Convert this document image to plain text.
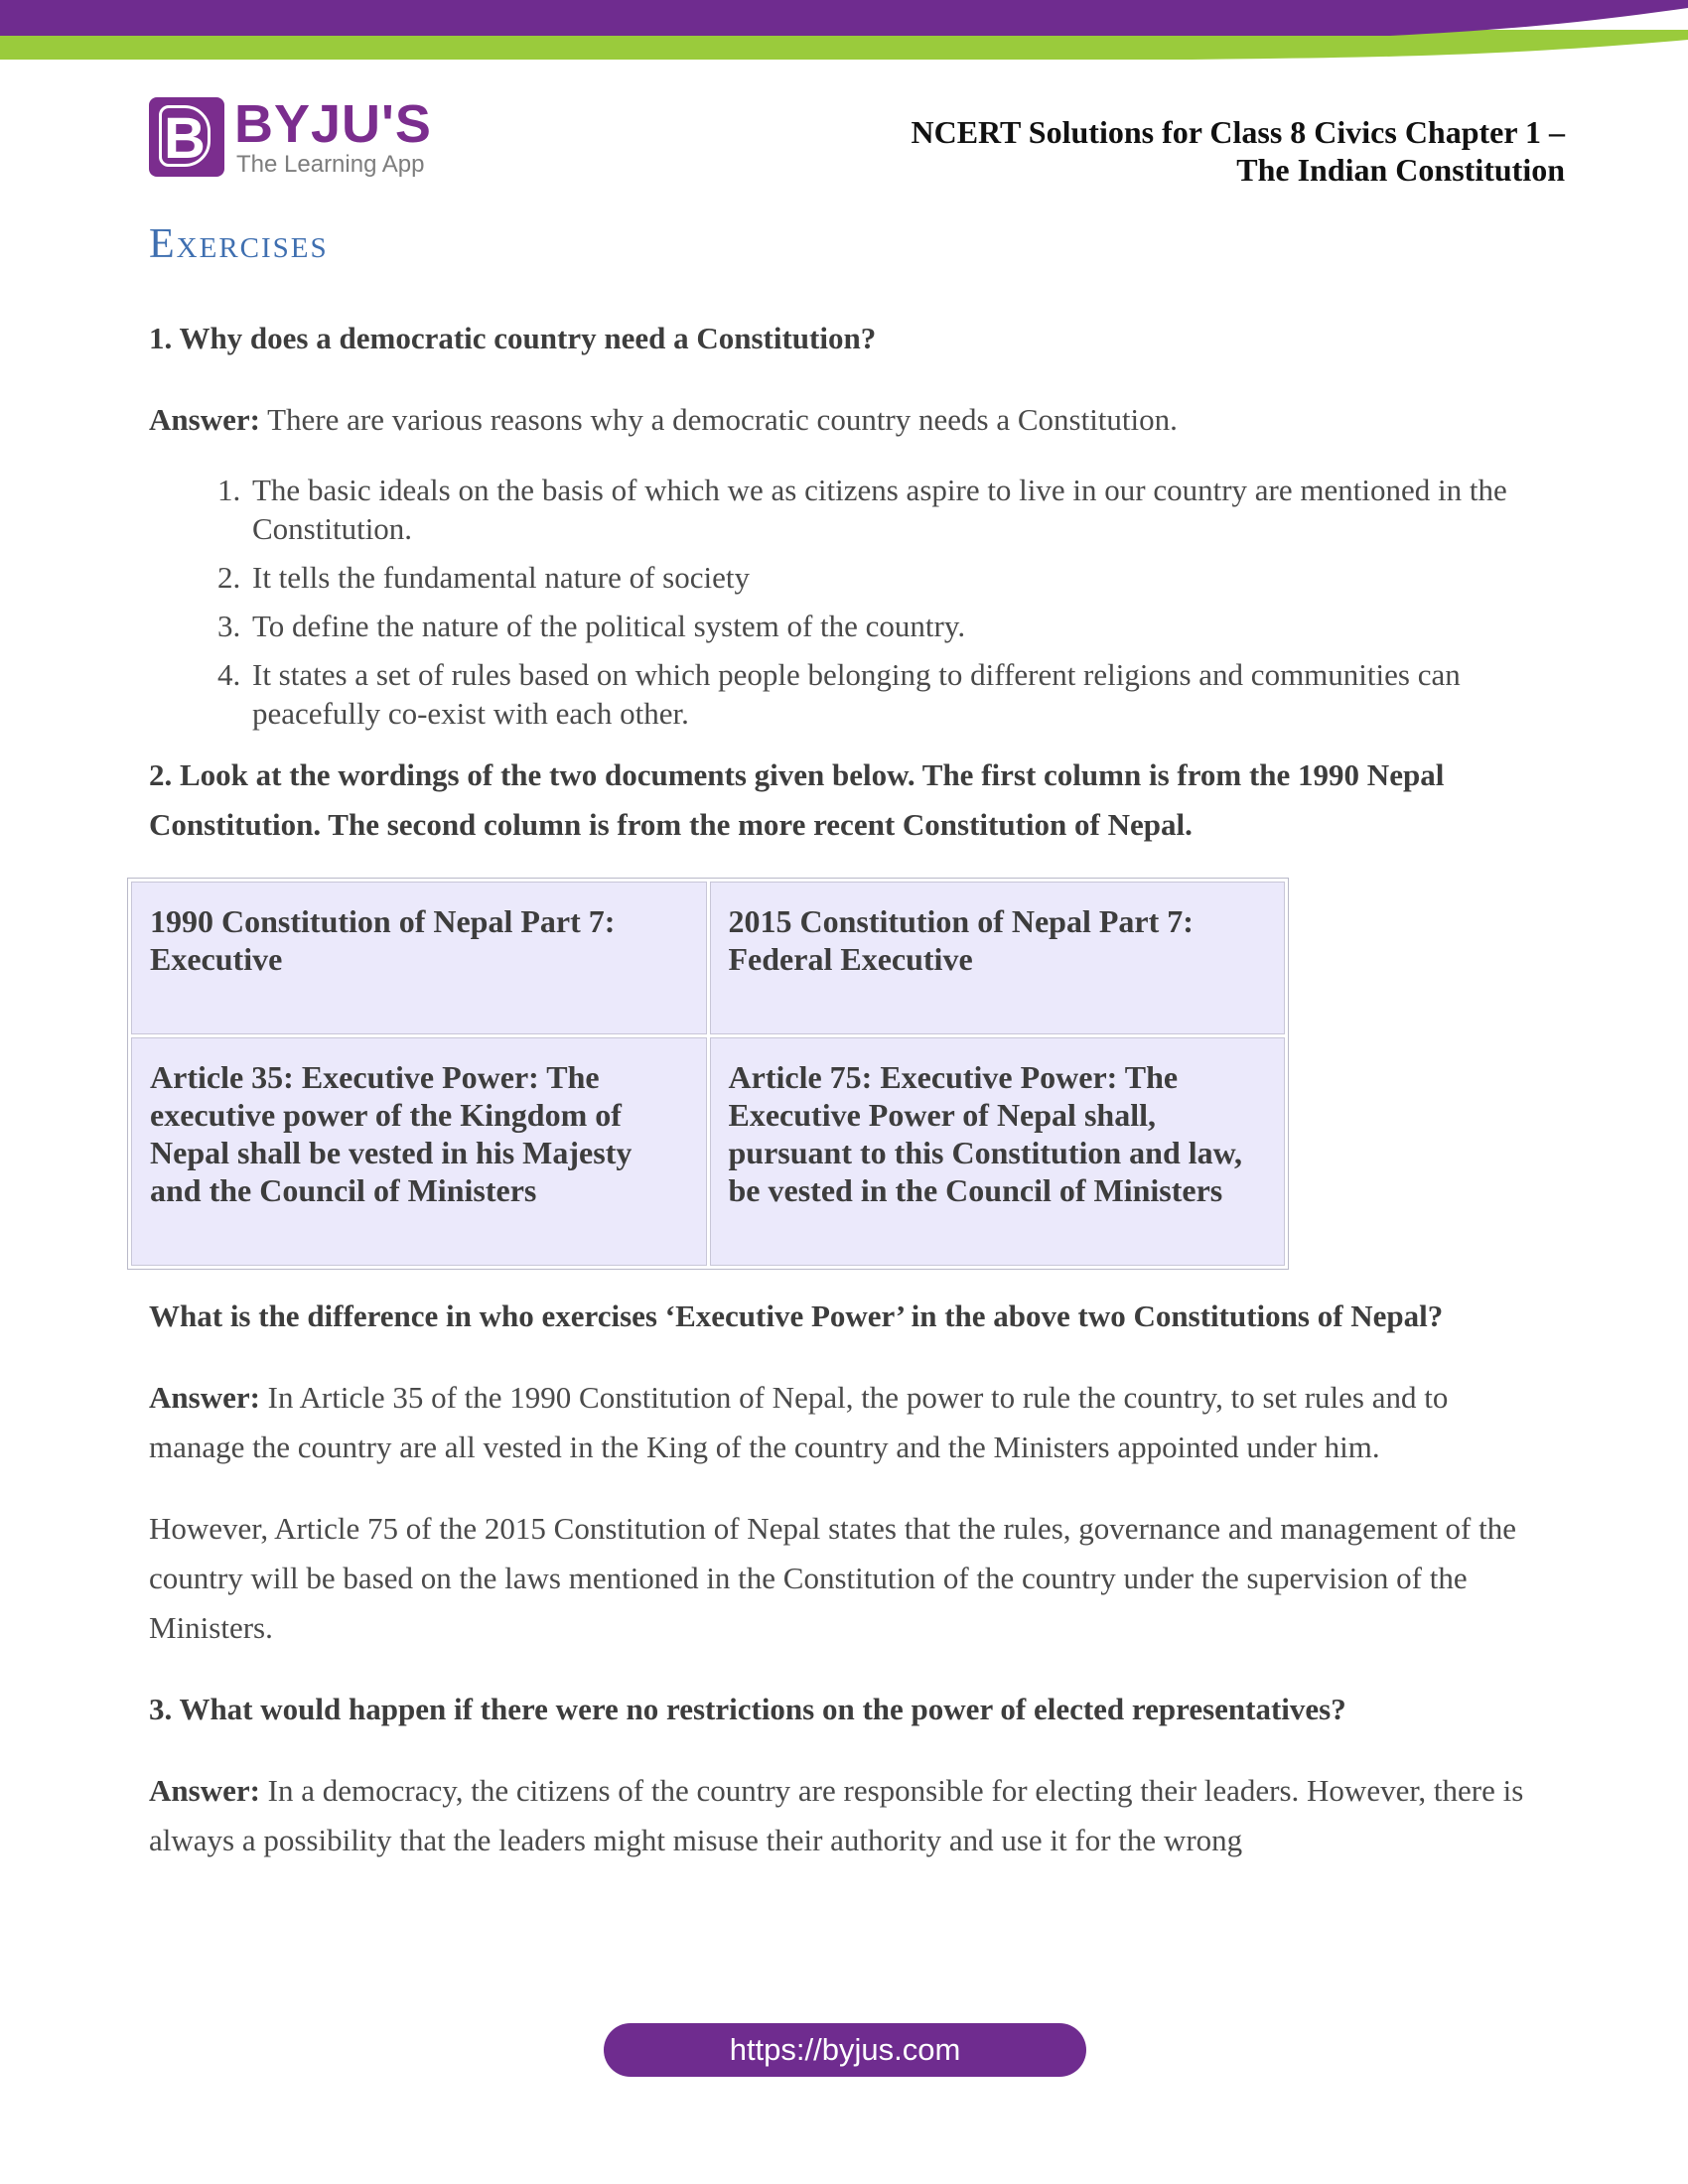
B BYJU'S
The Learning App
NCERT Solutions for Class 8 Civics Chapter 1 –
The Indian Constitution
Exercises
1. Why does a democratic country need a Constitution?
Answer: There are various reasons why a democratic country needs a Constitution.
1. The basic ideals on the basis of which we as citizens aspire to live in our country are mentioned in the Constitution.
2. It tells the fundamental nature of society
3. To define the nature of the political system of the country.
4. It states a set of rules based on which people belonging to different religions and communities can peacefully co-exist with each other.
2. Look at the wordings of the two documents given below. The first column is from the 1990 Nepal Constitution. The second column is from the more recent Constitution of Nepal.
1990 Constitution of Nepal Part 7: Executive	2015 Constitution of Nepal Part 7: Federal Executive
Article 35: Executive Power: The executive power of the Kingdom of Nepal shall be vested in his Majesty and the Council of Ministers	Article 75: Executive Power: The Executive Power of Nepal shall, pursuant to this Constitution and law, be vested in the Council of Ministers
What is the difference in who exercises ‘Executive Power’ in the above two Constitutions of Nepal?
Answer: In Article 35 of the 1990 Constitution of Nepal, the power to rule the country, to set rules and to manage the country are all vested in the King of the country and the Ministers appointed under him.
However, Article 75 of the 2015 Constitution of Nepal states that the rules, governance and management of the country will be based on the laws mentioned in the Constitution of the country under the supervision of the Ministers.
3. What would happen if there were no restrictions on the power of elected representatives?
Answer: In a democracy, the citizens of the country are responsible for electing their leaders. However, there is always a possibility that the leaders might misuse their authority and use it for the wrong
https://byjus.com
